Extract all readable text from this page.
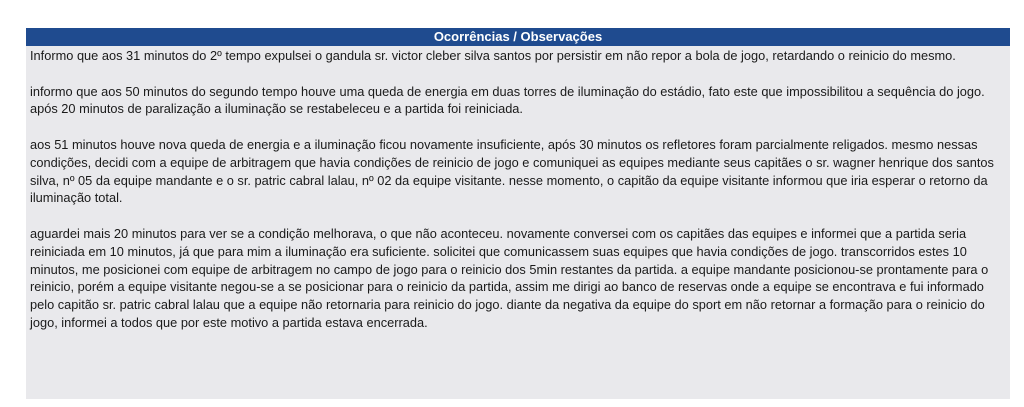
Ocorrências / Observações

Informo que aos 31 minutos do 2º tempo expulsei o gandula sr. victor cleber silva santos por persistir em não repor a bola de jogo, retardando o reinicio do mesmo.

informo que aos 50 minutos do segundo tempo houve uma queda de energia em duas torres de iluminação do estádio, fato este que impossibilitou a sequência do jogo. após 20 minutos de paralização a iluminação se restabeleceu e a partida foi reiniciada.

aos 51 minutos houve nova queda de energia e a iluminação ficou novamente insuficiente, após 30 minutos os refletores foram parcialmente religados. mesmo nessas condições, decidi com a equipe de arbitragem que havia condições de reinicio de jogo e comuniquei as equipes mediante seus capitães o sr. wagner henrique dos santos silva, nº 05 da equipe mandante e o sr. patric cabral lalau, nº 02 da equipe visitante. nesse momento, o capitão da equipe visitante informou que iria esperar o retorno da iluminação total.

aguardei mais 20 minutos para ver se a condição melhorava, o que não aconteceu. novamente conversei com os capitães das equipes e informei que a partida seria reiniciada em 10 minutos, já que para mim a iluminação era suficiente. solicitei que comunicassem suas equipes que havia condições de jogo. transcorridos estes 10 minutos, me posicionei com equipe de arbitragem no campo de jogo para o reinicio dos 5min restantes da partida. a equipe mandante posicionou-se prontamente para o reinicio, porém a equipe visitante negou-se a se posicionar para o reinicio da partida, assim me dirigi ao banco de reservas onde a equipe se encontrava e fui informado pelo capitão sr. patric cabral lalau que a equipe não retornaria para reinicio do jogo. diante da negativa da equipe do sport em não retornar a formação para o reinicio do jogo, informei a todos que por este motivo a partida estava encerrada.
